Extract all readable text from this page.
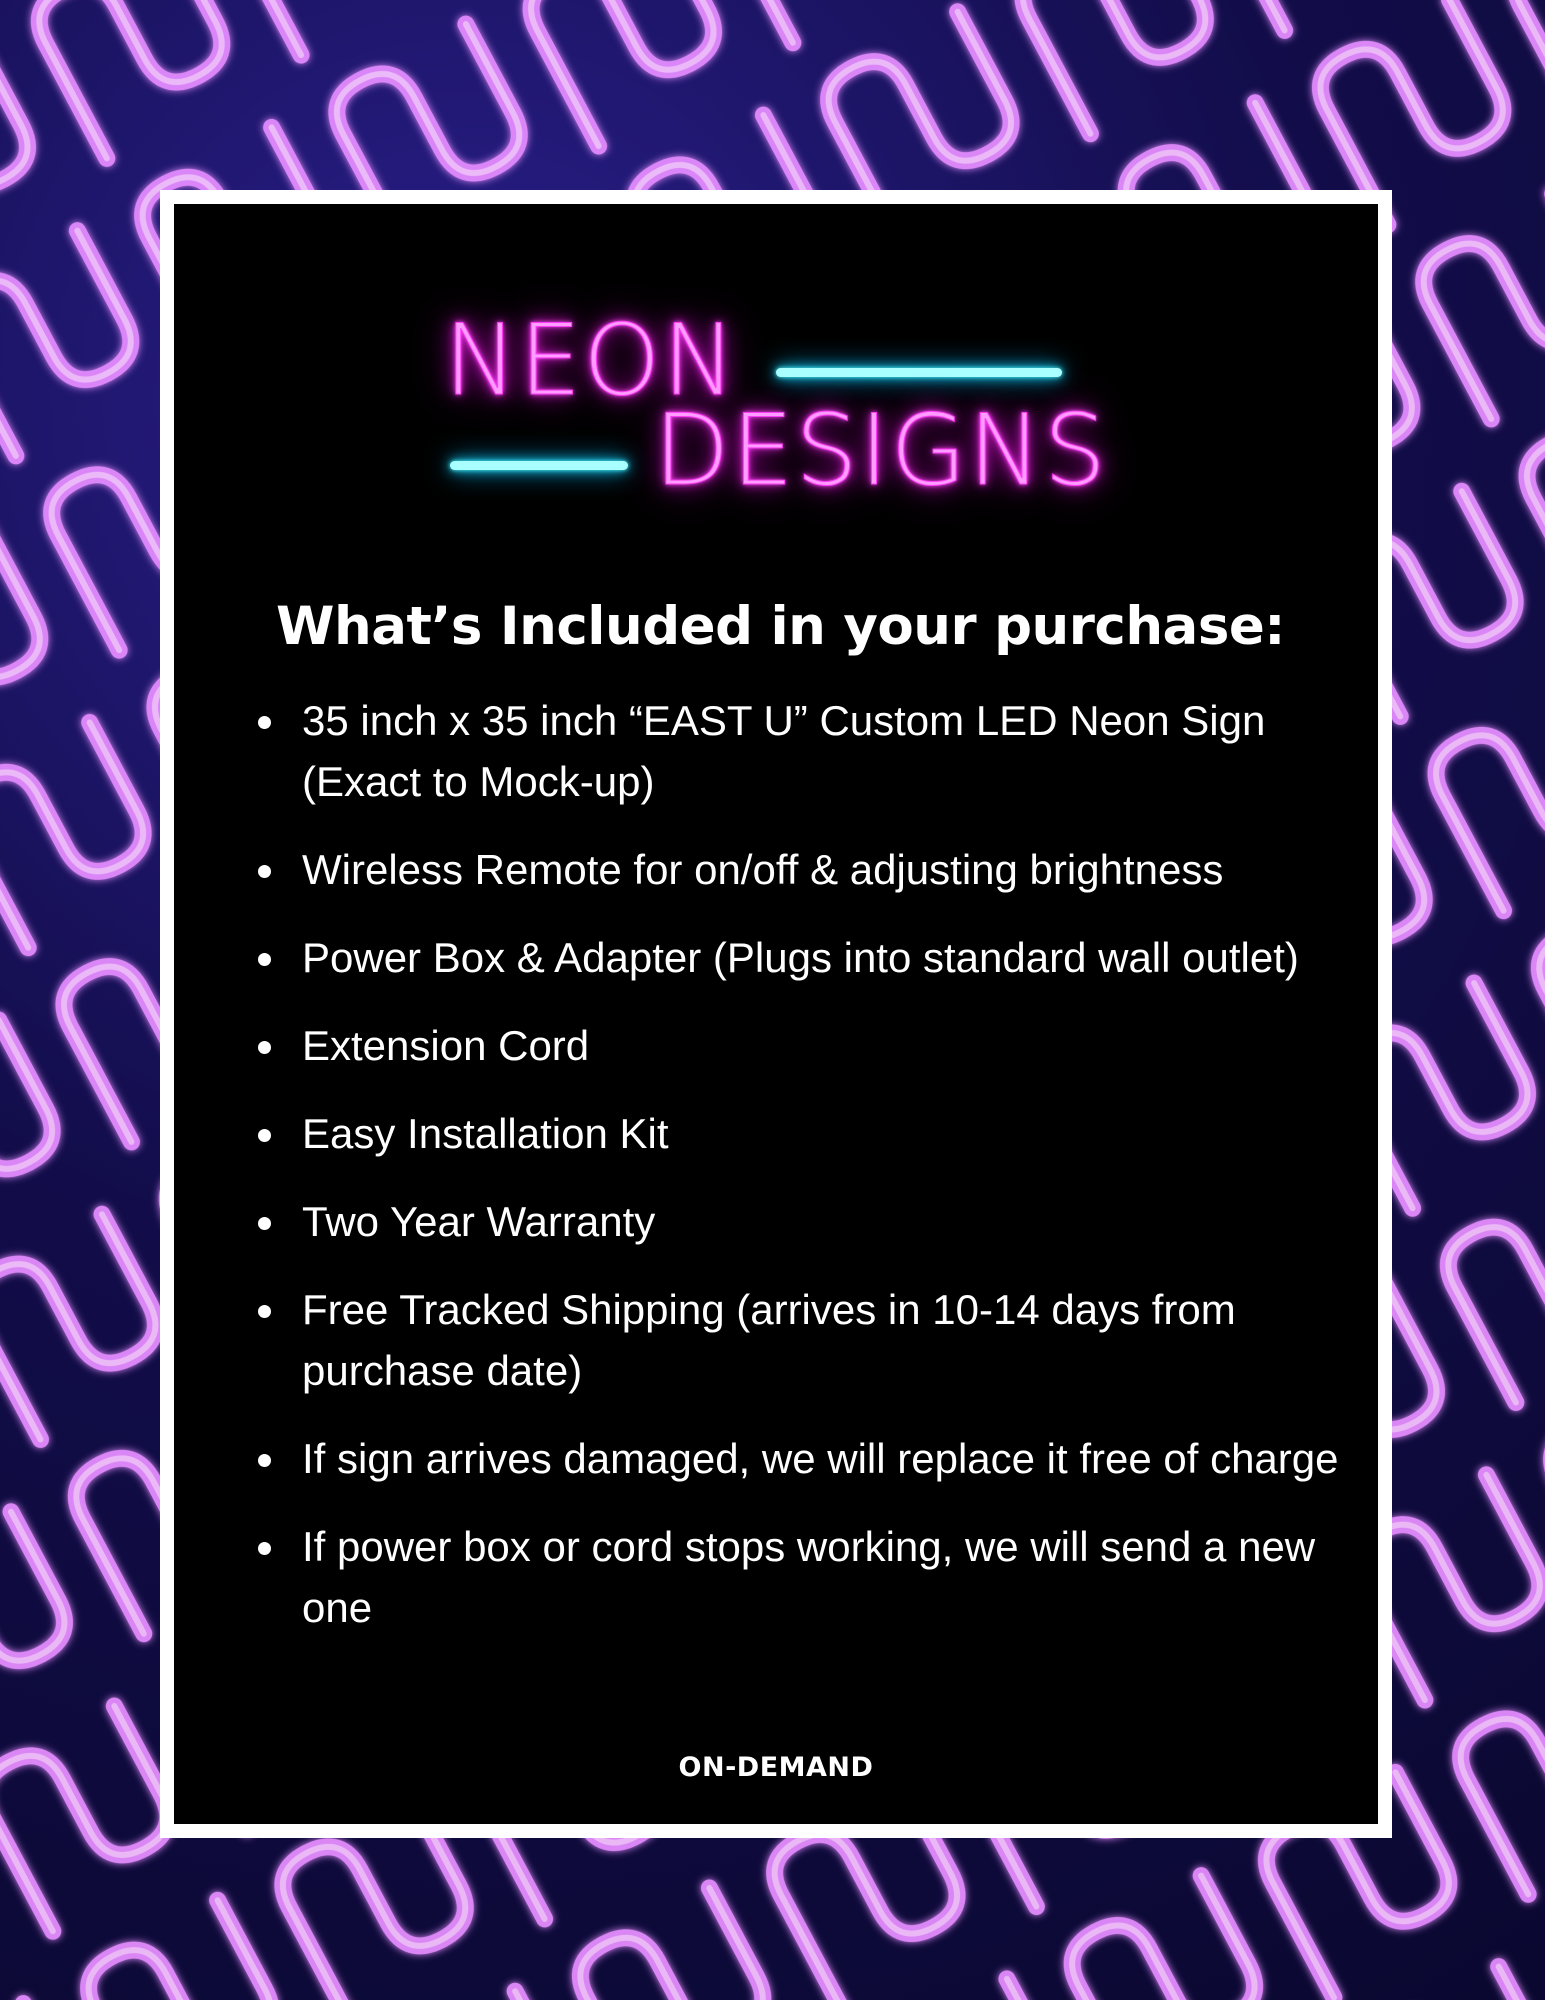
NEON
DESIGNS
What’s Included in your purchase:
35 inch x 35 inch “EAST U” Custom LED Neon Sign (Exact to Mock-up)
Wireless Remote for on/off & adjusting brightness
Power Box & Adapter (Plugs into standard wall outlet)
Extension Cord
Easy Installation Kit
Two Year Warranty
Free Tracked Shipping (arrives in 10-14 days from purchase date)
If sign arrives damaged, we will replace it free of charge
If power box or cord stops working, we will send a new one
ON-DEMAND
